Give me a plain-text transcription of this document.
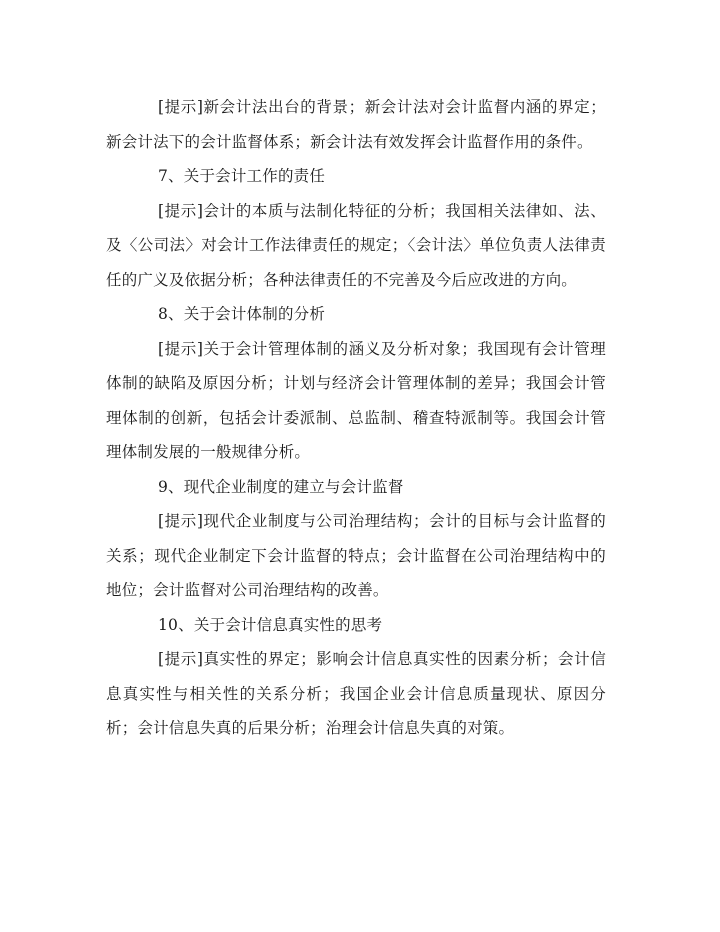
[提示]新会计法出台的背景；新会计法对会计监督内涵的界定；新会计法下的会计监督体系；新会计法有效发挥会计监督作用的条件。

7、关于会计工作的责任

[提示]会计的本质与法制化特征的分析；我国相关法律如、法、及〈公司法〉对会计工作法律责任的规定；〈会计法〉单位负责人法律责任的广义及依据分析；各种法律责任的不完善及今后应改进的方向。

8、关于会计体制的分析

[提示]关于会计管理体制的涵义及分析对象；我国现有会计管理体制的缺陷及原因分析；计划与经济会计管理体制的差异；我国会计管理体制的创新，包括会计委派制、总监制、稽查特派制等。我国会计管理体制发展的一般规律分析。

9、现代企业制度的建立与会计监督

[提示]现代企业制度与公司治理结构；会计的目标与会计监督的关系；现代企业制定下会计监督的特点；会计监督在公司治理结构中的地位；会计监督对公司治理结构的改善。

10、关于会计信息真实性的思考

[提示]真实性的界定；影响会计信息真实性的因素分析；会计信息真实性与相关性的关系分析；我国企业会计信息质量现状、原因分析；会计信息失真的后果分析；治理会计信息失真的对策。
